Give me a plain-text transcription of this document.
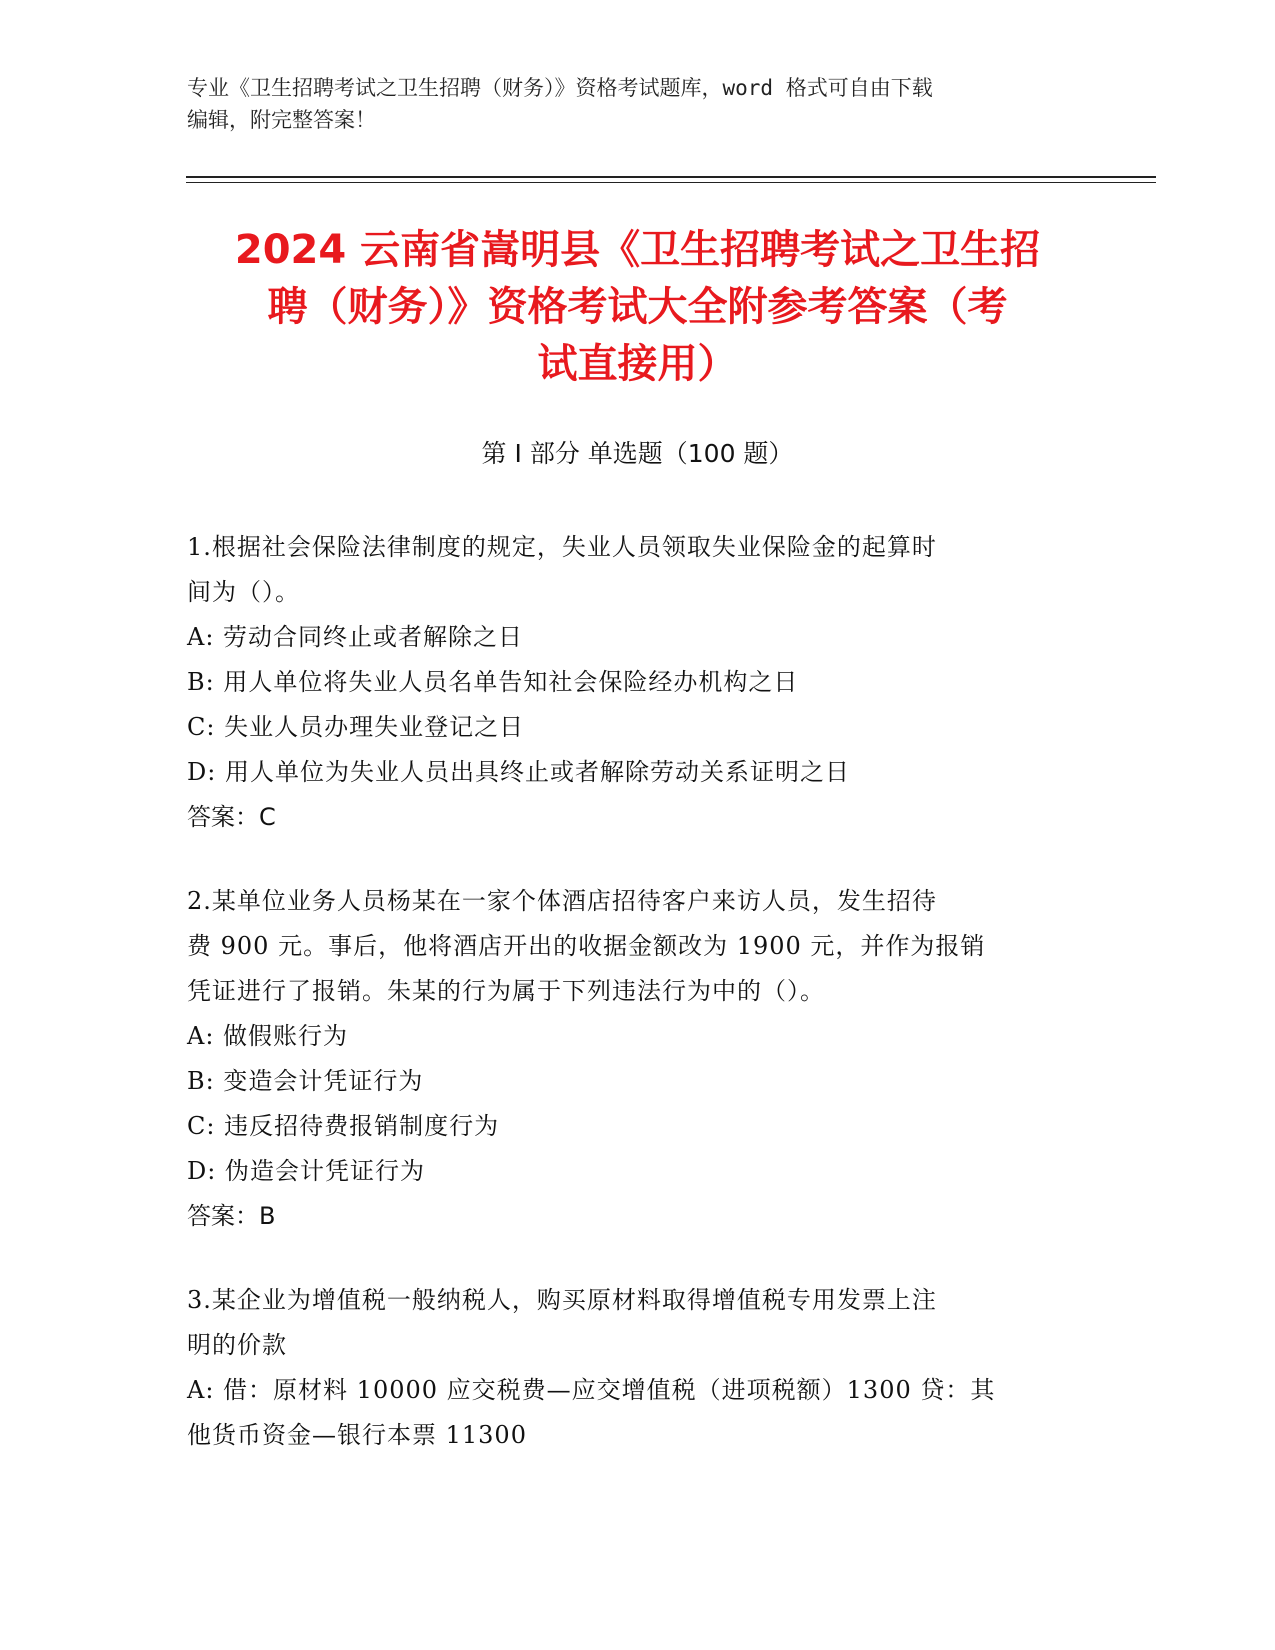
专业《卫生招聘考试之卫生招聘（财务）》资格考试题库，word 格式可自由下载
编辑，附完整答案！
2024 云南省嵩明县《卫生招聘考试之卫生招
聘（财务）》资格考试大全附参考答案（考
试直接用）
第 I 部分 单选题（100 题）
1.根据社会保险法律制度的规定，失业人员领取失业保险金的起算时
间为（）。
A: 劳动合同终止或者解除之日
B: 用人单位将失业人员名单告知社会保险经办机构之日
C: 失业人员办理失业登记之日
D: 用人单位为失业人员出具终止或者解除劳动关系证明之日
答案：C
2.某单位业务人员杨某在一家个体酒店招待客户来访人员，发生招待
费 900 元。事后，他将酒店开出的收据金额改为 1900 元，并作为报销
凭证进行了报销。朱某的行为属于下列违法行为中的（）。
A: 做假账行为
B: 变造会计凭证行为
C: 违反招待费报销制度行为
D: 伪造会计凭证行为
答案：B
3.某企业为增值税一般纳税人，购买原材料取得增值税专用发票上注
明的价款
A: 借：原材料 10000 应交税费—应交增值税（进项税额）1300 贷：其
他货币资金—银行本票 11300
